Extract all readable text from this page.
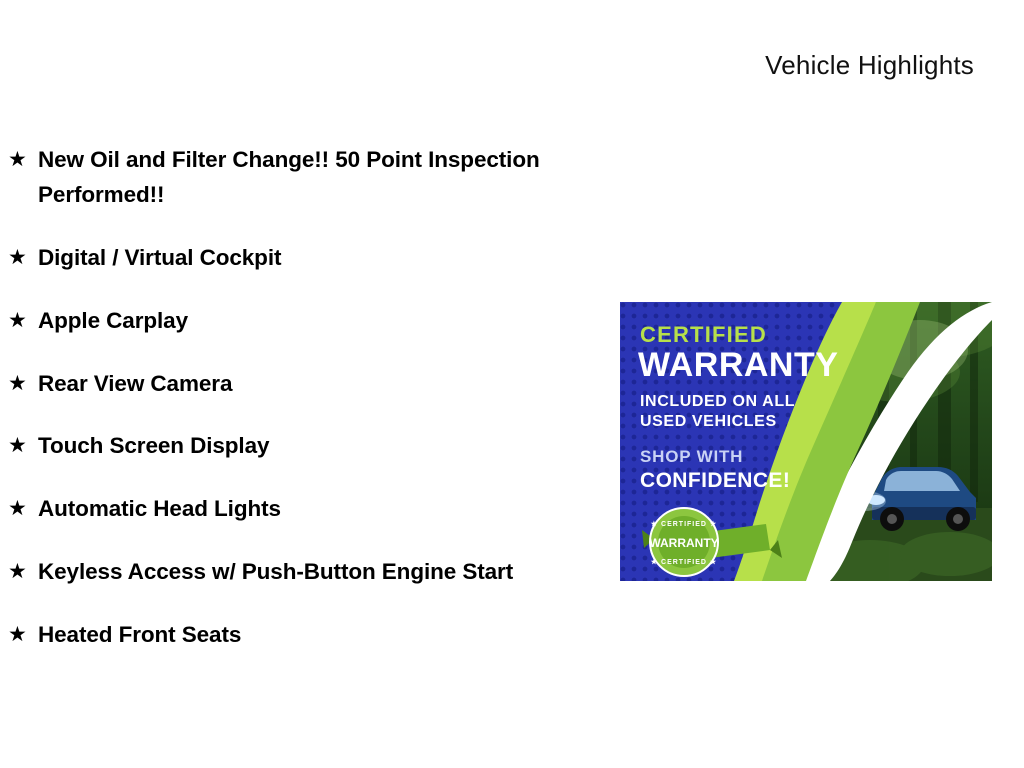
Vehicle Highlights
★ New Oil and Filter Change!! 50 Point Inspection Performed!!
★ Digital / Virtual Cockpit
★ Apple Carplay
★ Rear View Camera
★ Touch Screen Display
★ Automatic Head Lights
★ Keyless Access w/ Push-Button Engine Start
★ Heated Front Seats
CERTIFIED
WARRANTY
INCLUDED ON ALL
USED VEHICLES
SHOP WITH
CONFIDENCE!
★ CERTIFIED ★
WARRANTY
★ CERTIFIED ★
